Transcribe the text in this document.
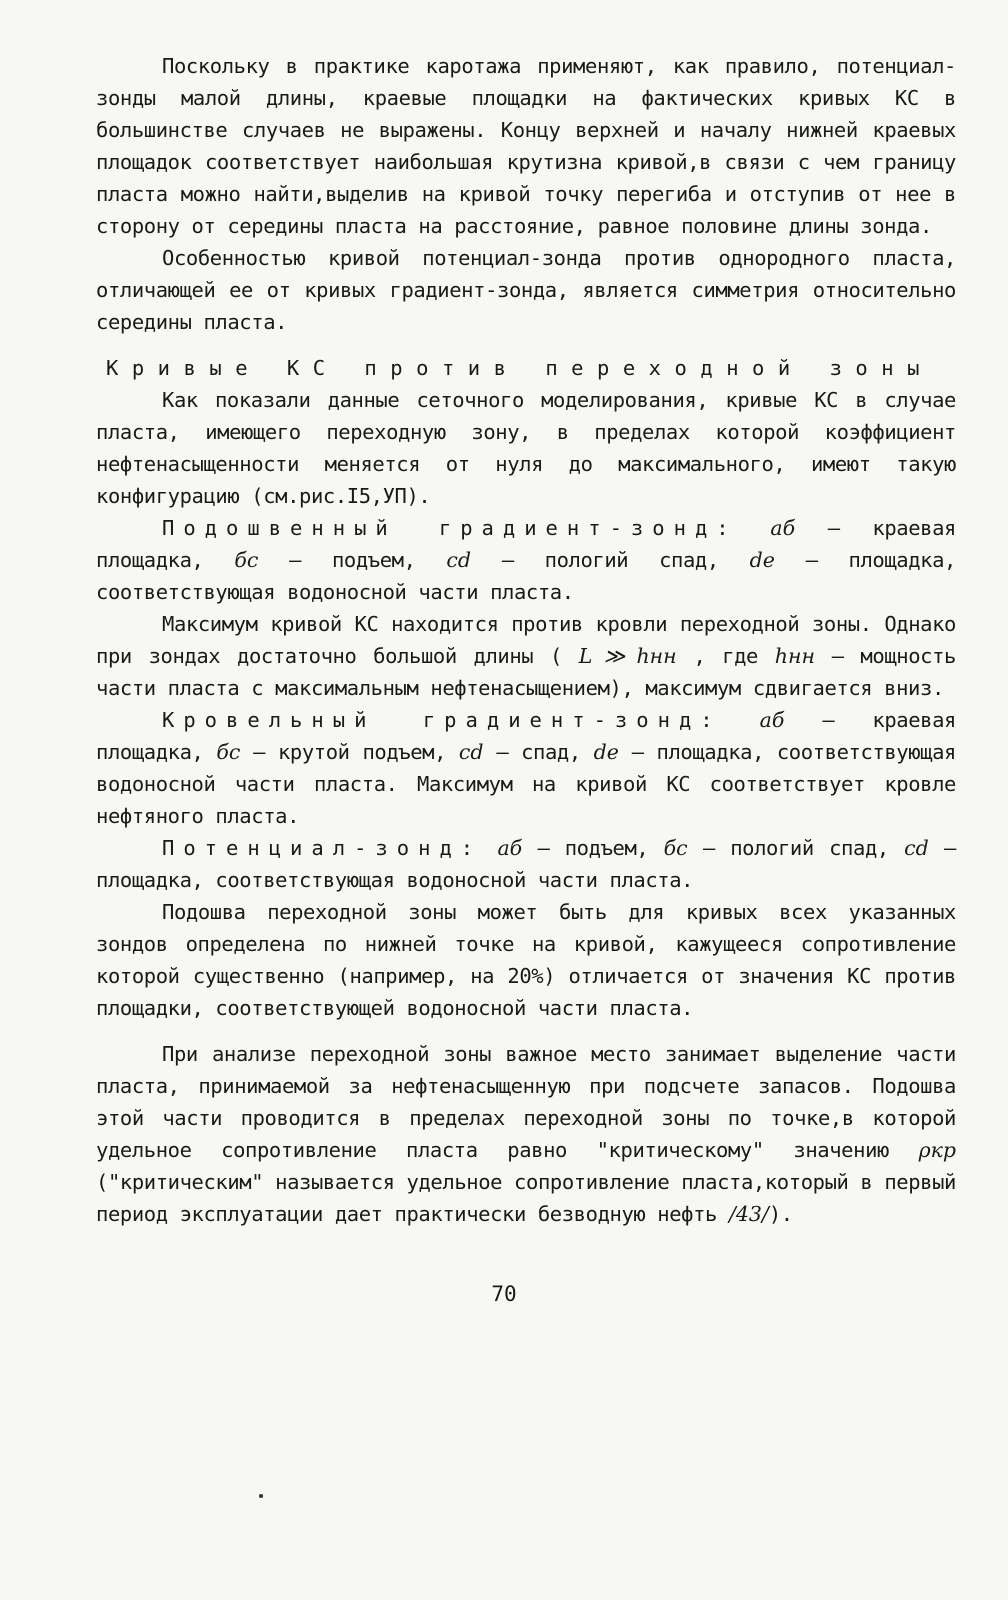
Поскольку в практике каротажа применяют, как правило, потенциал-зонды малой длины, краевые площадки на фактических кривых КС в большинстве случаев не выражены. Концу верхней и началу нижней краевых площадок соответствует наибольшая крутизна кривой,в связи с чем границу пласта можно найти,выделив на кривой точку перегиба и отступив от нее в сторону от середины пласта на расстояние, равное половине длины зонда.

Особенностью кривой потенциал-зонда против однородного пласта, отличающей ее от кривых градиент-зонда, является симметрия относительно середины пласта.

Кривые КС против переходной зоны

Как показали данные сеточного моделирования, кривые КС в случае пласта, имеющего переходную зону, в пределах которой коэффициент нефтенасыщенности меняется от нуля до максимального, имеют такую конфигурацию (см.рис.I5,УП).

Подошвенный градиент-зонд: аб – краевая площадка, бс – подъем, cd – пологий спад, de – площадка, соответствующая водоносной части пласта.

Максимум кривой КС находится против кровли переходной зоны. Однако при зондах достаточно большой длины ( L ≫ hнн , где hнн – мощность части пласта с максимальным нефтенасыщением), максимум сдвигается вниз.

Кровельный градиент-зонд: аб – краевая площадка, бс – крутой подъем, cd – спад, de – площадка, соответствующая водоносной части пласта. Максимум на кривой КС соответствует кровле нефтяного пласта.

Потенциал-зонд: аб – подъем, бс – пологий спад, cd – площадка, соответствующая водоносной части пласта.

Подошва переходной зоны может быть для кривых всех указанных зондов определена по нижней точке на кривой, кажущееся сопротивление которой существенно (например, на 20%) отличается от значения КС против площадки, соответствующей водоносной части пласта.

При анализе переходной зоны важное место занимает выделение части пласта, принимаемой за нефтенасыщенную при подсчете запасов. Подошва этой части проводится в пределах переходной зоны по точке,в которой удельное сопротивление пласта равно "критическому" значению ρкр ("критическим" называется удельное сопротивление пласта,который в первый период эксплуатации дает практически безводную нефть /43/).

70
